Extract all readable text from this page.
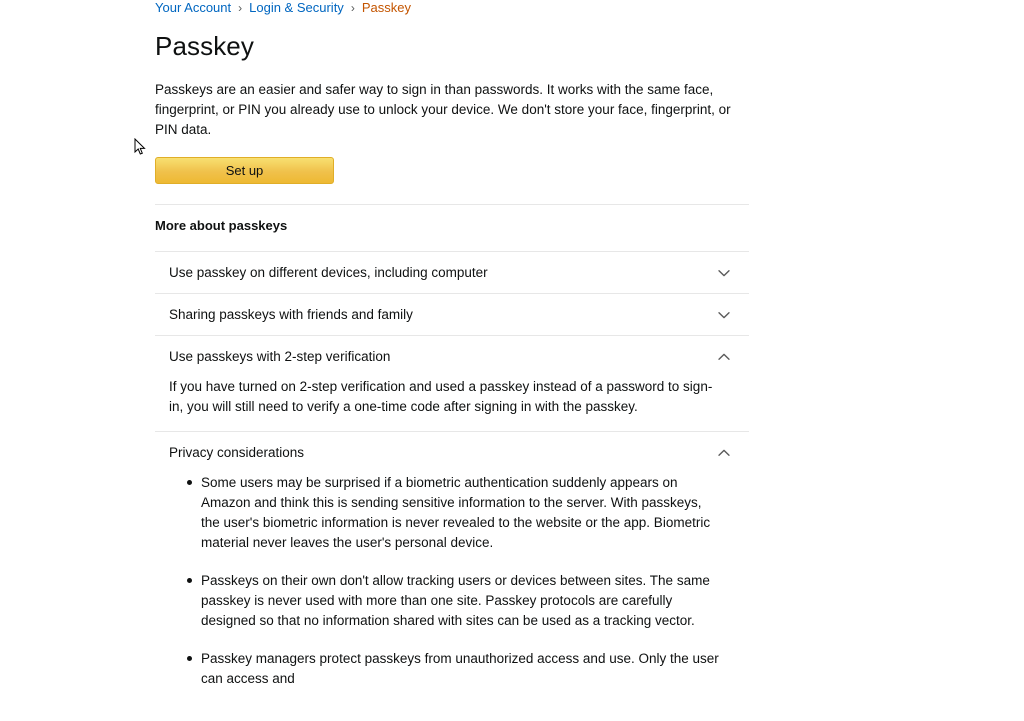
Your Account › Login & Security › Passkey
Passkey
Passkeys are an easier and safer way to sign in than passwords. It works with the same face, fingerprint, or PIN you already use to unlock your device. We don't store your face, fingerprint, or PIN data.
Set up
More about passkeys
Use passkey on different devices, including computer
Sharing passkeys with friends and family
Use passkeys with 2-step verification

If you have turned on 2-step verification and used a passkey instead of a password to sign-in, you will still need to verify a one-time code after signing in with the passkey.

Privacy considerations
Some users may be surprised if a biometric authentication suddenly appears on Amazon and think this is sending sensitive information to the server. With passkeys, the user's biometric information is never revealed to the website or the app. Biometric material never leaves the user's personal device.
Passkeys on their own don't allow tracking users or devices between sites. The same passkey is never used with more than one site. Passkey protocols are carefully designed so that no information shared with sites can be used as a tracking vector.
Passkey managers protect passkeys from unauthorized access and use. Only the user can access and
